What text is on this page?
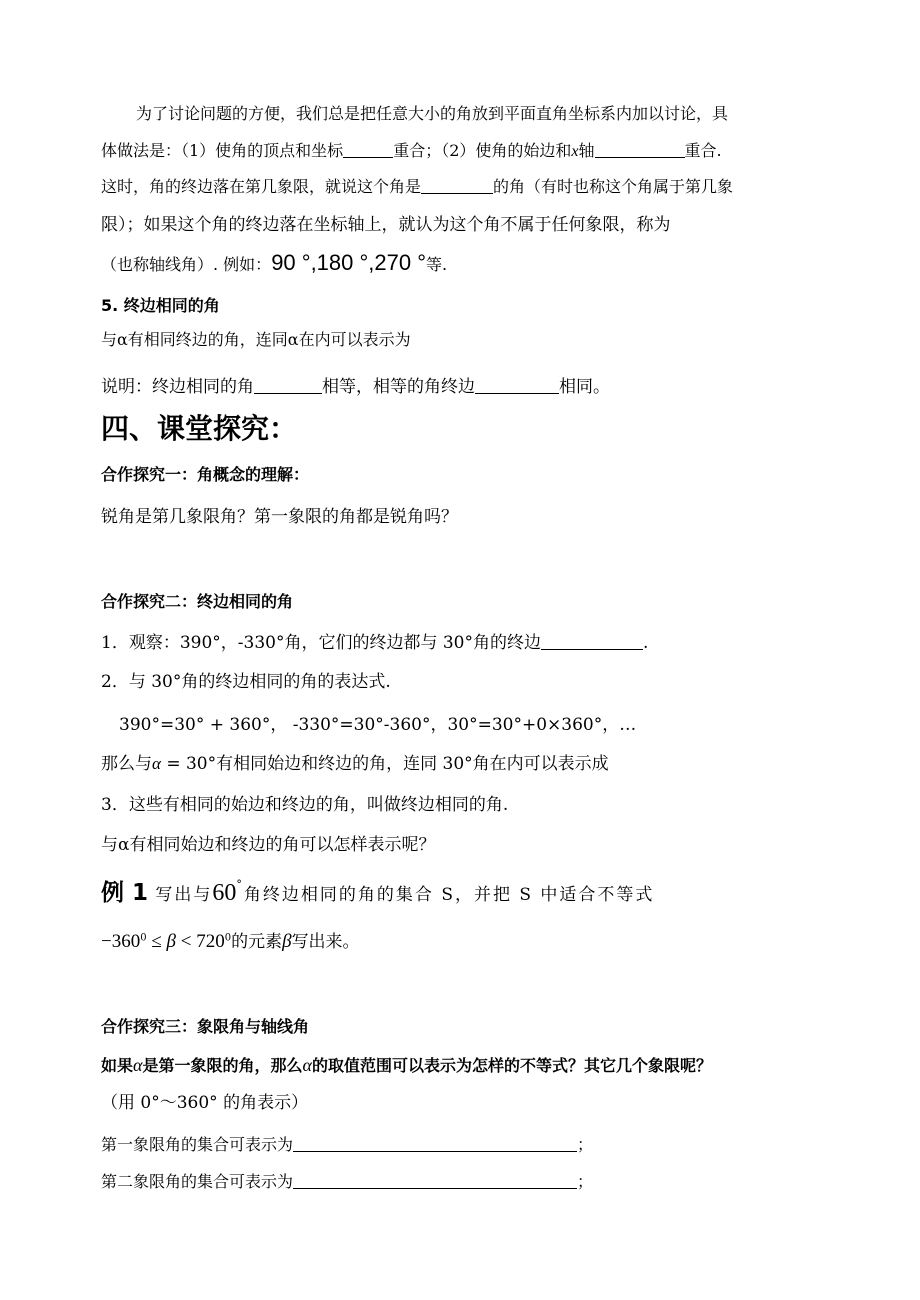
为了讨论问题的方便，我们总是把任意大小的角放到平面直角坐标系内加以讨论，具
体做法是：（1）使角的顶点和坐标	重合；（2）使角的始边和x轴	重合.
这时，角的终边落在第几象限，就说这个角是	的角（有时也称这个角属于第几象
限）；如果这个角的终边落在坐标轴上，就认为这个角不属于任何象限，称为
（也称轴线角）. 例如：90 °,180 °,270 °等.
5. 终边相同的角
与α有相同终边的角，连同α在内可以表示为
说明：终边相同的角	相等，相等的角终边	相同。
四、课堂探究：
合作探究一：角概念的理解：
锐角是第几象限角？第一象限的角都是锐角吗？
合作探究二：终边相同的角
1．观察：390°，-330°角，它们的终边都与 30°角的终边	.
2．与 30°角的终边相同的角的表达式.
390°=30° + 360°， -330°=30°-360°，30°=30°+0×360°，…
那么与α = 30°有相同始边和终边的角，连同 30°角在内可以表示成
3．这些有相同的始边和终边的角，叫做终边相同的角.
与α有相同始边和终边的角可以怎样表示呢？
例 1 写出与60°角终边相同的角的集合 S，并把 S 中适合不等式
$-360^0 \le \beta < 720^0$的元素β写出来。
合作探究三：象限角与轴线角
如果α是第一象限的角，那么α的取值范围可以表示为怎样的不等式？其它几个象限呢？
（用 0°～360° 的角表示）
第一象限角的集合可表示为	；
第二象限角的集合可表示为	；
